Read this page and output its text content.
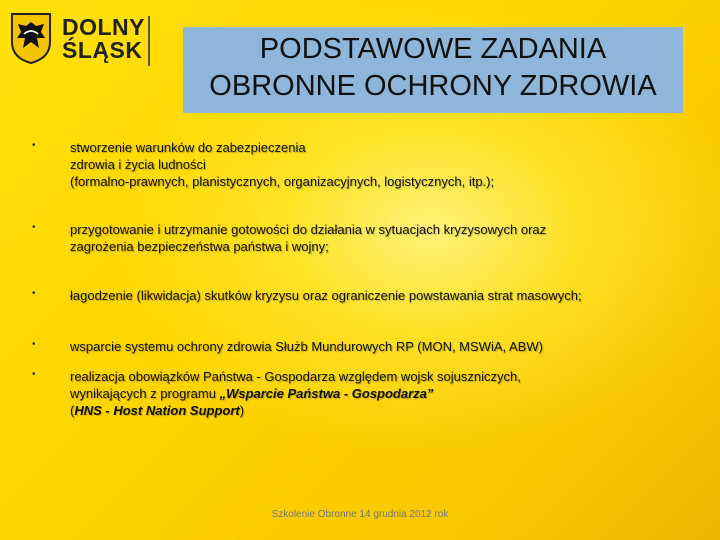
DOLNY
ŚLĄSK	PODSTAWOWE ZADANIA
OBRONNE OCHRONY ZDROWIA
•	stworzenie warunków do zabezpieczenia
zdrowia i życia ludności
(formalno-prawnych, planistycznych, organizacyjnych, logistycznych, itp.);
•	przygotowanie i utrzymanie gotowości do działania w sytuacjach kryzysowych oraz
zagrożenia bezpieczeństwa państwa i wojny;
•	łagodzenie (likwidacja) skutków kryzysu oraz ograniczenie powstawania strat masowych;
•	wsparcie systemu ochrony zdrowia Służb Mundurowych RP (MON, MSWiA, ABW)
•	realizacja obowiązków Państwa - Gospodarza względem wojsk sojuszniczych,
wynikających z programu „Wsparcie Państwa - Gospodarza”
(HNS - Host Nation Support)
Szkolenie Obronne 14 grudnia 2012 rok
